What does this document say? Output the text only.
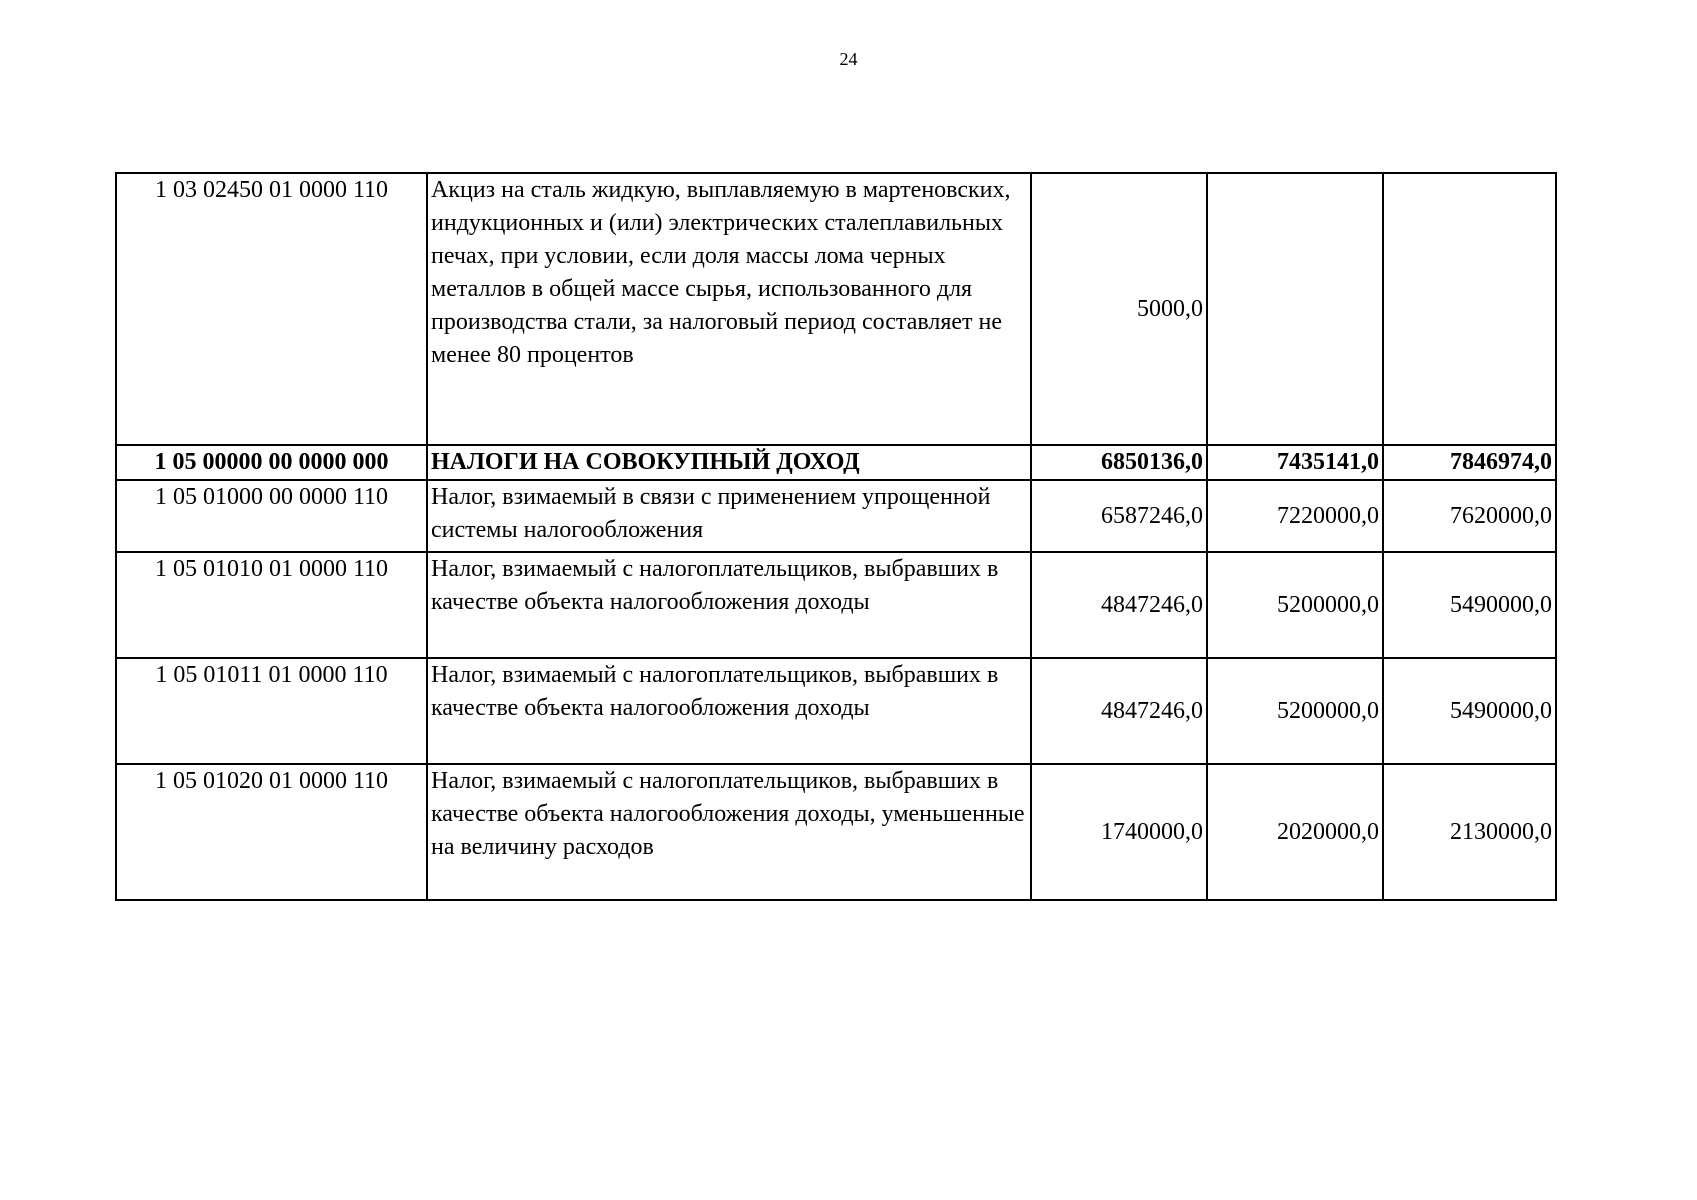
24
1 03 02450 01 0000 110	Акциз на сталь жидкую, выплавляемую в мартеновских, индукционных и (или) электрических сталеплавильных печах, при условии, если доля массы лома черных металлов в общей массе сырья, использованного для производства стали, за налоговый период составляет не менее 80 процентов	5000,0		
1 05 00000 00 0000 000	НАЛОГИ НА СОВОКУПНЫЙ ДОХОД	6850136,0	7435141,0	7846974,0
1 05 01000 00 0000 110	Налог, взимаемый в связи с применением упрощенной системы налогообложения	6587246,0	7220000,0	7620000,0
1 05 01010 01 0000 110	Налог, взимаемый с налогоплательщиков, выбравших в качестве объекта налогообложения доходы	4847246,0	5200000,0	5490000,0
1 05 01011 01 0000 110	Налог, взимаемый с налогоплательщиков, выбравших в качестве объекта налогообложения доходы	4847246,0	5200000,0	5490000,0
1 05 01020 01 0000 110	Налог, взимаемый с налогоплательщиков, выбравших в качестве объекта налогообложения доходы, уменьшенные на величину расходов	1740000,0	2020000,0	2130000,0
